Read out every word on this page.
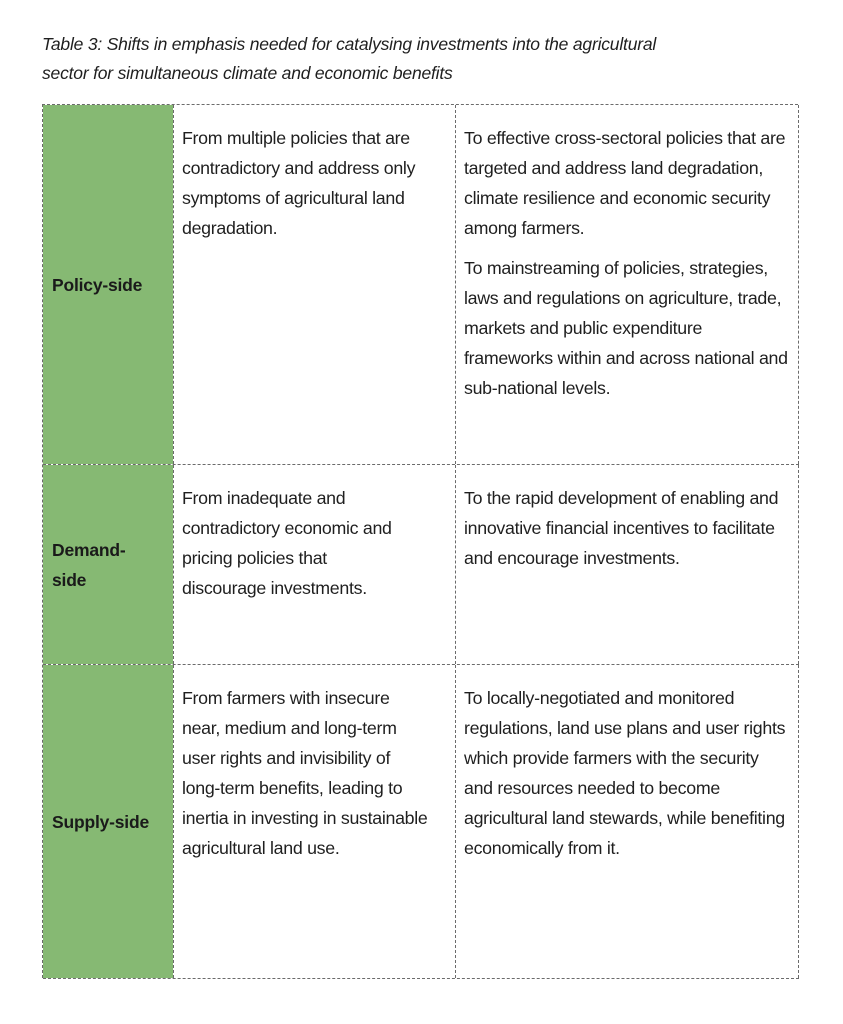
Table 3: Shifts in emphasis needed for catalysing investments into the agricultural
sector for simultaneous climate and economic benefits
Policy-side

From multiple policies that are contradictory and address only symptoms of agricultural land degradation.

To effective cross-sectoral policies that are targeted and address land degradation, climate resilience and economic security among farmers.

To mainstreaming of policies, strategies, laws and regulations on agriculture, trade, markets and public expenditure frameworks within and across national and sub-national levels.

Demand-
side

From inadequate and contradictory economic and pricing policies that discourage investments.

To the rapid development of enabling and innovative financial incentives to facilitate and encourage investments.

Supply-side

From farmers with insecure near, medium and long-term user rights and invisibility of long-term benefits, leading to inertia in investing in sustainable agricultural land use.

To locally-negotiated and monitored regulations, land use plans and user rights which provide farmers with the security and resources needed to become agricultural land stewards, while benefiting economically from it.
